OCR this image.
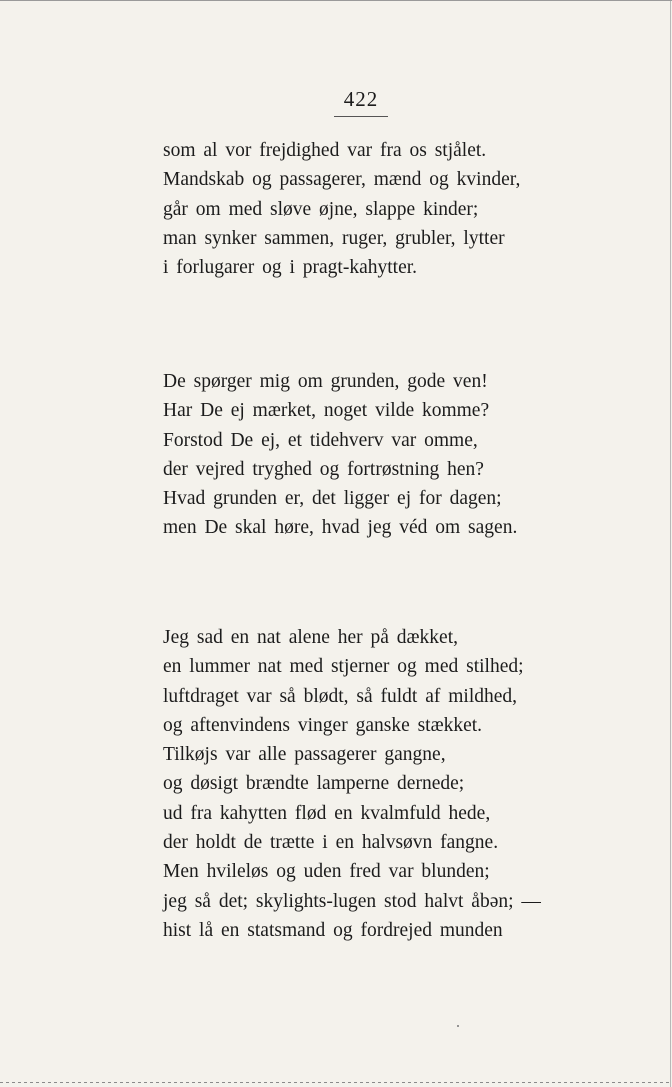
422
som al vor frejdighed var fra os stjålet.
Mandskab og passagerer, mænd og kvinder,
går om med sløve øjne, slappe kinder;
man synker sammen, ruger, grubler, lytter
i forlugarer og i pragt-kahytter.
De spørger mig om grunden, gode ven!
Har De ej mærket, noget vilde komme?
Forstod De ej, et tidehverv var omme,
der vejred tryghed og fortrøstning hen?
Hvad grunden er, det ligger ej for dagen;
men De skal høre, hvad jeg véd om sagen.
Jeg sad en nat alene her på dækket,
en lummer nat med stjerner og med stilhed;
luftdraget var så blødt, så fuldt af mildhed,
og aftenvindens vinger ganske stækket.
Tilkøjs var alle passagerer gangne,
og døsigt brændte lamperne dernede;
ud fra kahytten flød en kvalmfuld hede,
der holdt de trætte i en halvsøvn fangne.
Men hvileløs og uden fred var blunden;
jeg så det; skylights-lugen stod halvt åbən; —
hist lå en statsmand og fordrejed munden
